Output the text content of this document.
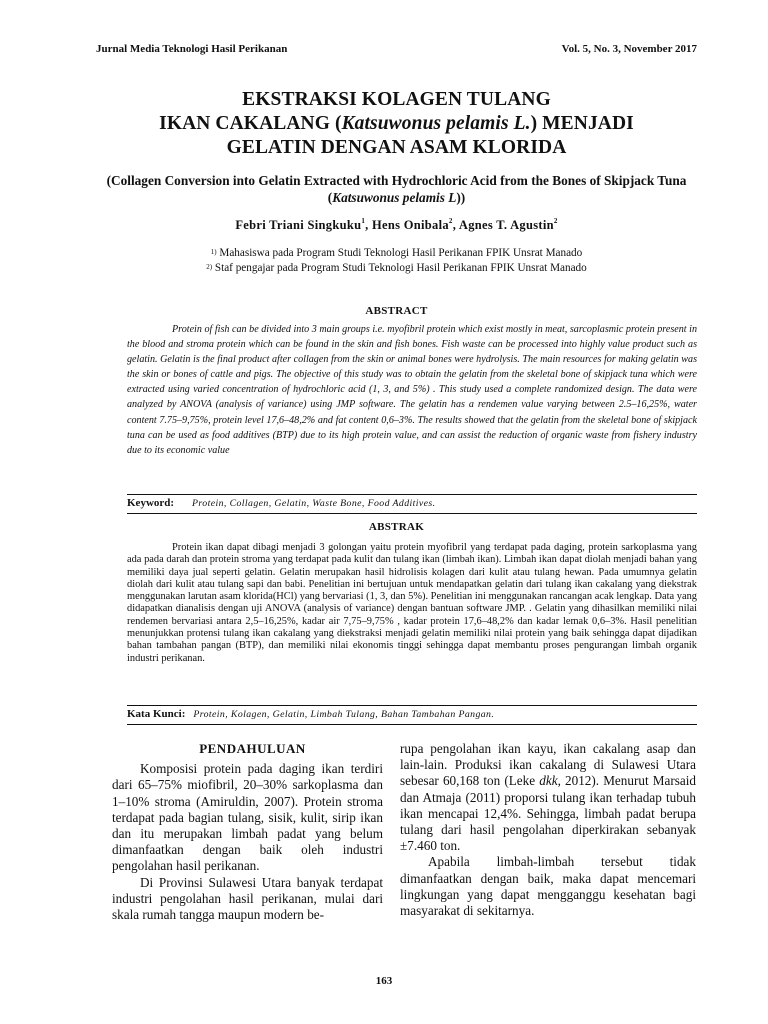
Jurnal Media Teknologi Hasil Perikanan	Vol. 5, No. 3, November 2017
EKSTRAKSI KOLAGEN TULANG
IKAN CAKALANG (Katsuwonus pelamis L.) MENJADI
GELATIN DENGAN ASAM KLORIDA
(Collagen Conversion into Gelatin Extracted with Hydrochloric Acid from the Bones of Skipjack Tuna (Katsuwonus pelamis L))
Febri Triani Singkuku$^1$, Hens Onibala$^2$, Agnes T. Agustin$^2$
$^{1)}$ Mahasiswa pada Program Studi Teknologi Hasil Perikanan FPIK Unsrat Manado
$^{2)}$ Staf pengajar pada Program Studi Teknologi Hasil Perikanan FPIK Unsrat Manado
ABSTRACT
Protein of fish can be divided into 3 main groups i.e. myofibril protein which exist mostly in meat, sarcoplasmic protein present in the blood and stroma protein which can be found in the skin and fish bones. Fish waste can be processed into highly value product such as gelatin. Gelatin is the final product after collagen from the skin or animal bones were hydrolysis. The main resources for making gelatin was the skin or bones of cattle and pigs. The objective of this study was to obtain the gelatin from the skeletal bone of skipjack tuna which were extracted using varied concentration of hydrochloric acid (1, 3, and 5%) . This study used a complete randomized design. The data were analyzed by ANOVA (analysis of variance) using JMP software. The gelatin has a rendemen value varying between 2.5–16,25%, water content 7.75–9,75%, protein level 17,6–48,2% and fat content 0,6–3%. The results showed that the gelatin from the skeletal bone of skipjack tuna can be used as food additives (BTP) due to its high protein value, and can assist the reduction of organic waste from fishery industry due to its economic value
Keyword: Protein, Collagen, Gelatin, Waste Bone, Food Additives.
ABSTRAK
Protein ikan dapat dibagi menjadi 3 golongan yaitu protein myofibril yang terdapat pada daging, protein sarkoplasma yang ada pada darah dan protein stroma yang terdapat pada kulit dan tulang ikan (limbah ikan). Limbah ikan dapat diolah menjadi bahan yang memiliki daya jual seperti gelatin. Gelatin merupakan hasil hidrolisis kolagen dari kulit atau tulang hewan. Pada umumnya gelatin diolah dari kulit atau tulang sapi dan babi. Penelitian ini bertujuan untuk mendapatkan gelatin dari tulang ikan cakalang yang diekstrak menggunakan larutan asam klorida(HCl) yang bervariasi (1, 3, dan 5%). Penelitian ini menggunakan rancangan acak lengkap. Data yang didapatkan dianalisis dengan uji ANOVA (analysis of variance) dengan bantuan software JMP. . Gelatin yang dihasilkan memiliki nilai rendemen bervariasi antara 2,5–16,25%, kadar air 7,75–9,75% , kadar protein 17,6–48,2% dan kadar lemak 0,6–3%. Hasil penelitian menunjukkan protensi tulang ikan cakalang yang diekstraksi menjadi gelatin memiliki nilai protein yang baik sehingga dapat dijadikan bahan tambahan pangan (BTP), dan memiliki nilai ekonomis tinggi sehingga dapat membantu proses pengurangan limbah organik industri perikanan.
Kata Kunci: Protein, Kolagen, Gelatin, Limbah Tulang, Bahan Tambahan Pangan.
PENDAHULUAN

Komposisi protein pada daging ikan terdiri dari 65–75% miofibril, 20–30% sarkoplasma dan 1–10% stroma (Amiruldin, 2007). Protein stroma terdapat pada bagian tulang, sisik, kulit, sirip ikan dan itu merupakan limbah padat yang belum dimanfaatkan dengan baik oleh industri pengolahan hasil perikanan.

Di Provinsi Sulawesi Utara banyak terdapat industri pengolahan hasil perikanan, mulai dari skala rumah tangga maupun modern be-

rupa pengolahan ikan kayu, ikan cakalang asap dan lain-lain. Produksi ikan cakalang di Sulawesi Utara sebesar 60,168 ton (Leke dkk, 2012). Menurut Marsaid dan Atmaja (2011) proporsi tulang ikan terhadap tubuh ikan mencapai 12,4%. Sehingga, limbah padat berupa tulang dari hasil pengolahan diperkirakan sebanyak ±7.460 ton.

Apabila limbah-limbah tersebut tidak dimanfaatkan dengan baik, maka dapat mencemari lingkungan yang dapat mengganggu kesehatan bagi masyarakat di sekitarnya.

163
